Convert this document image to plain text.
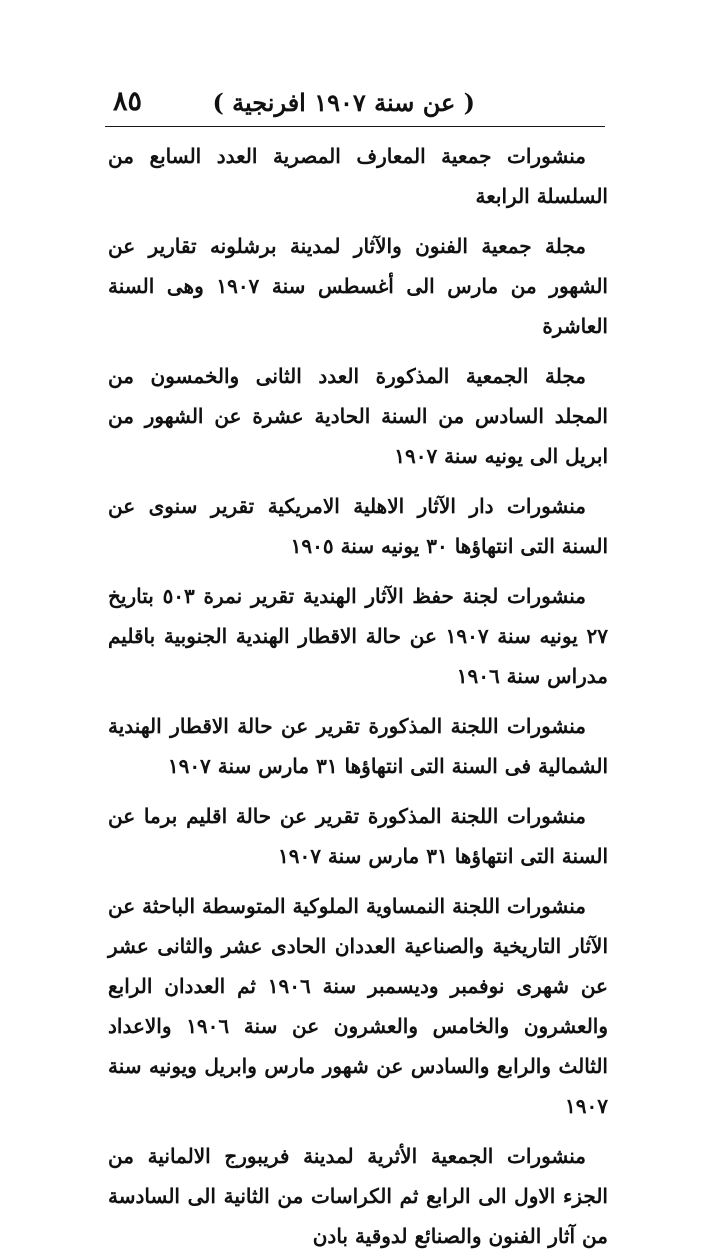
٨٥	( عن سنة ١٩٠٧ افرنجية )

منشورات جمعية المعارف المصرية العدد السابع من السلسلة الرابعة

مجلة جمعية الفنون والآثار لمدينة برشلونه تقارير عن الشهور من مارس الى أغسطس سنة ١٩٠٧ وهى السنة العاشرة

مجلة الجمعية المذكورة العدد الثانى والخمسون من المجلد السادس من السنة الحادية عشرة عن الشهور من ابريل الى يونيه سنة ١٩٠٧

منشورات دار الآثار الاهلية الامريكية تقرير سنوى عن السنة التى انتهاؤها ٣٠ يونيه سنة ١٩٠٥

منشورات لجنة حفظ الآثار الهندية تقرير نمرة ٥٠٣ بتاريخ ٢٧ يونيه سنة ١٩٠٧ عن حالة الاقطار الهندية الجنوبية باقليم مدراس سنة ١٩٠٦

منشورات اللجنة المذكورة تقرير عن حالة الاقطار الهندية الشمالية فى السنة التى انتهاؤها ٣١ مارس سنة ١٩٠٧

منشورات اللجنة المذكورة تقرير عن حالة اقليم برما عن السنة التى انتهاؤها ٣١ مارس سنة ١٩٠٧

منشورات اللجنة النمساوية الملوكية المتوسطة الباحثة عن الآثار التاريخية والصناعية العددان الحادى عشر والثانى عشر عن شهرى نوفمبر وديسمبر سنة ١٩٠٦ ثم العددان الرابع والعشرون والخامس والعشرون عن سنة ١٩٠٦ والاعداد الثالث والرابع والسادس عن شهور مارس وابريل ويونيه سنة ١٩٠٧

منشورات الجمعية الأثرية لمدينة فريبورج الالمانية من الجزء الاول الى الرابع ثم الكراسات من الثانية الى السادسة من آثار الفنون والصنائع لدوقية بادن
